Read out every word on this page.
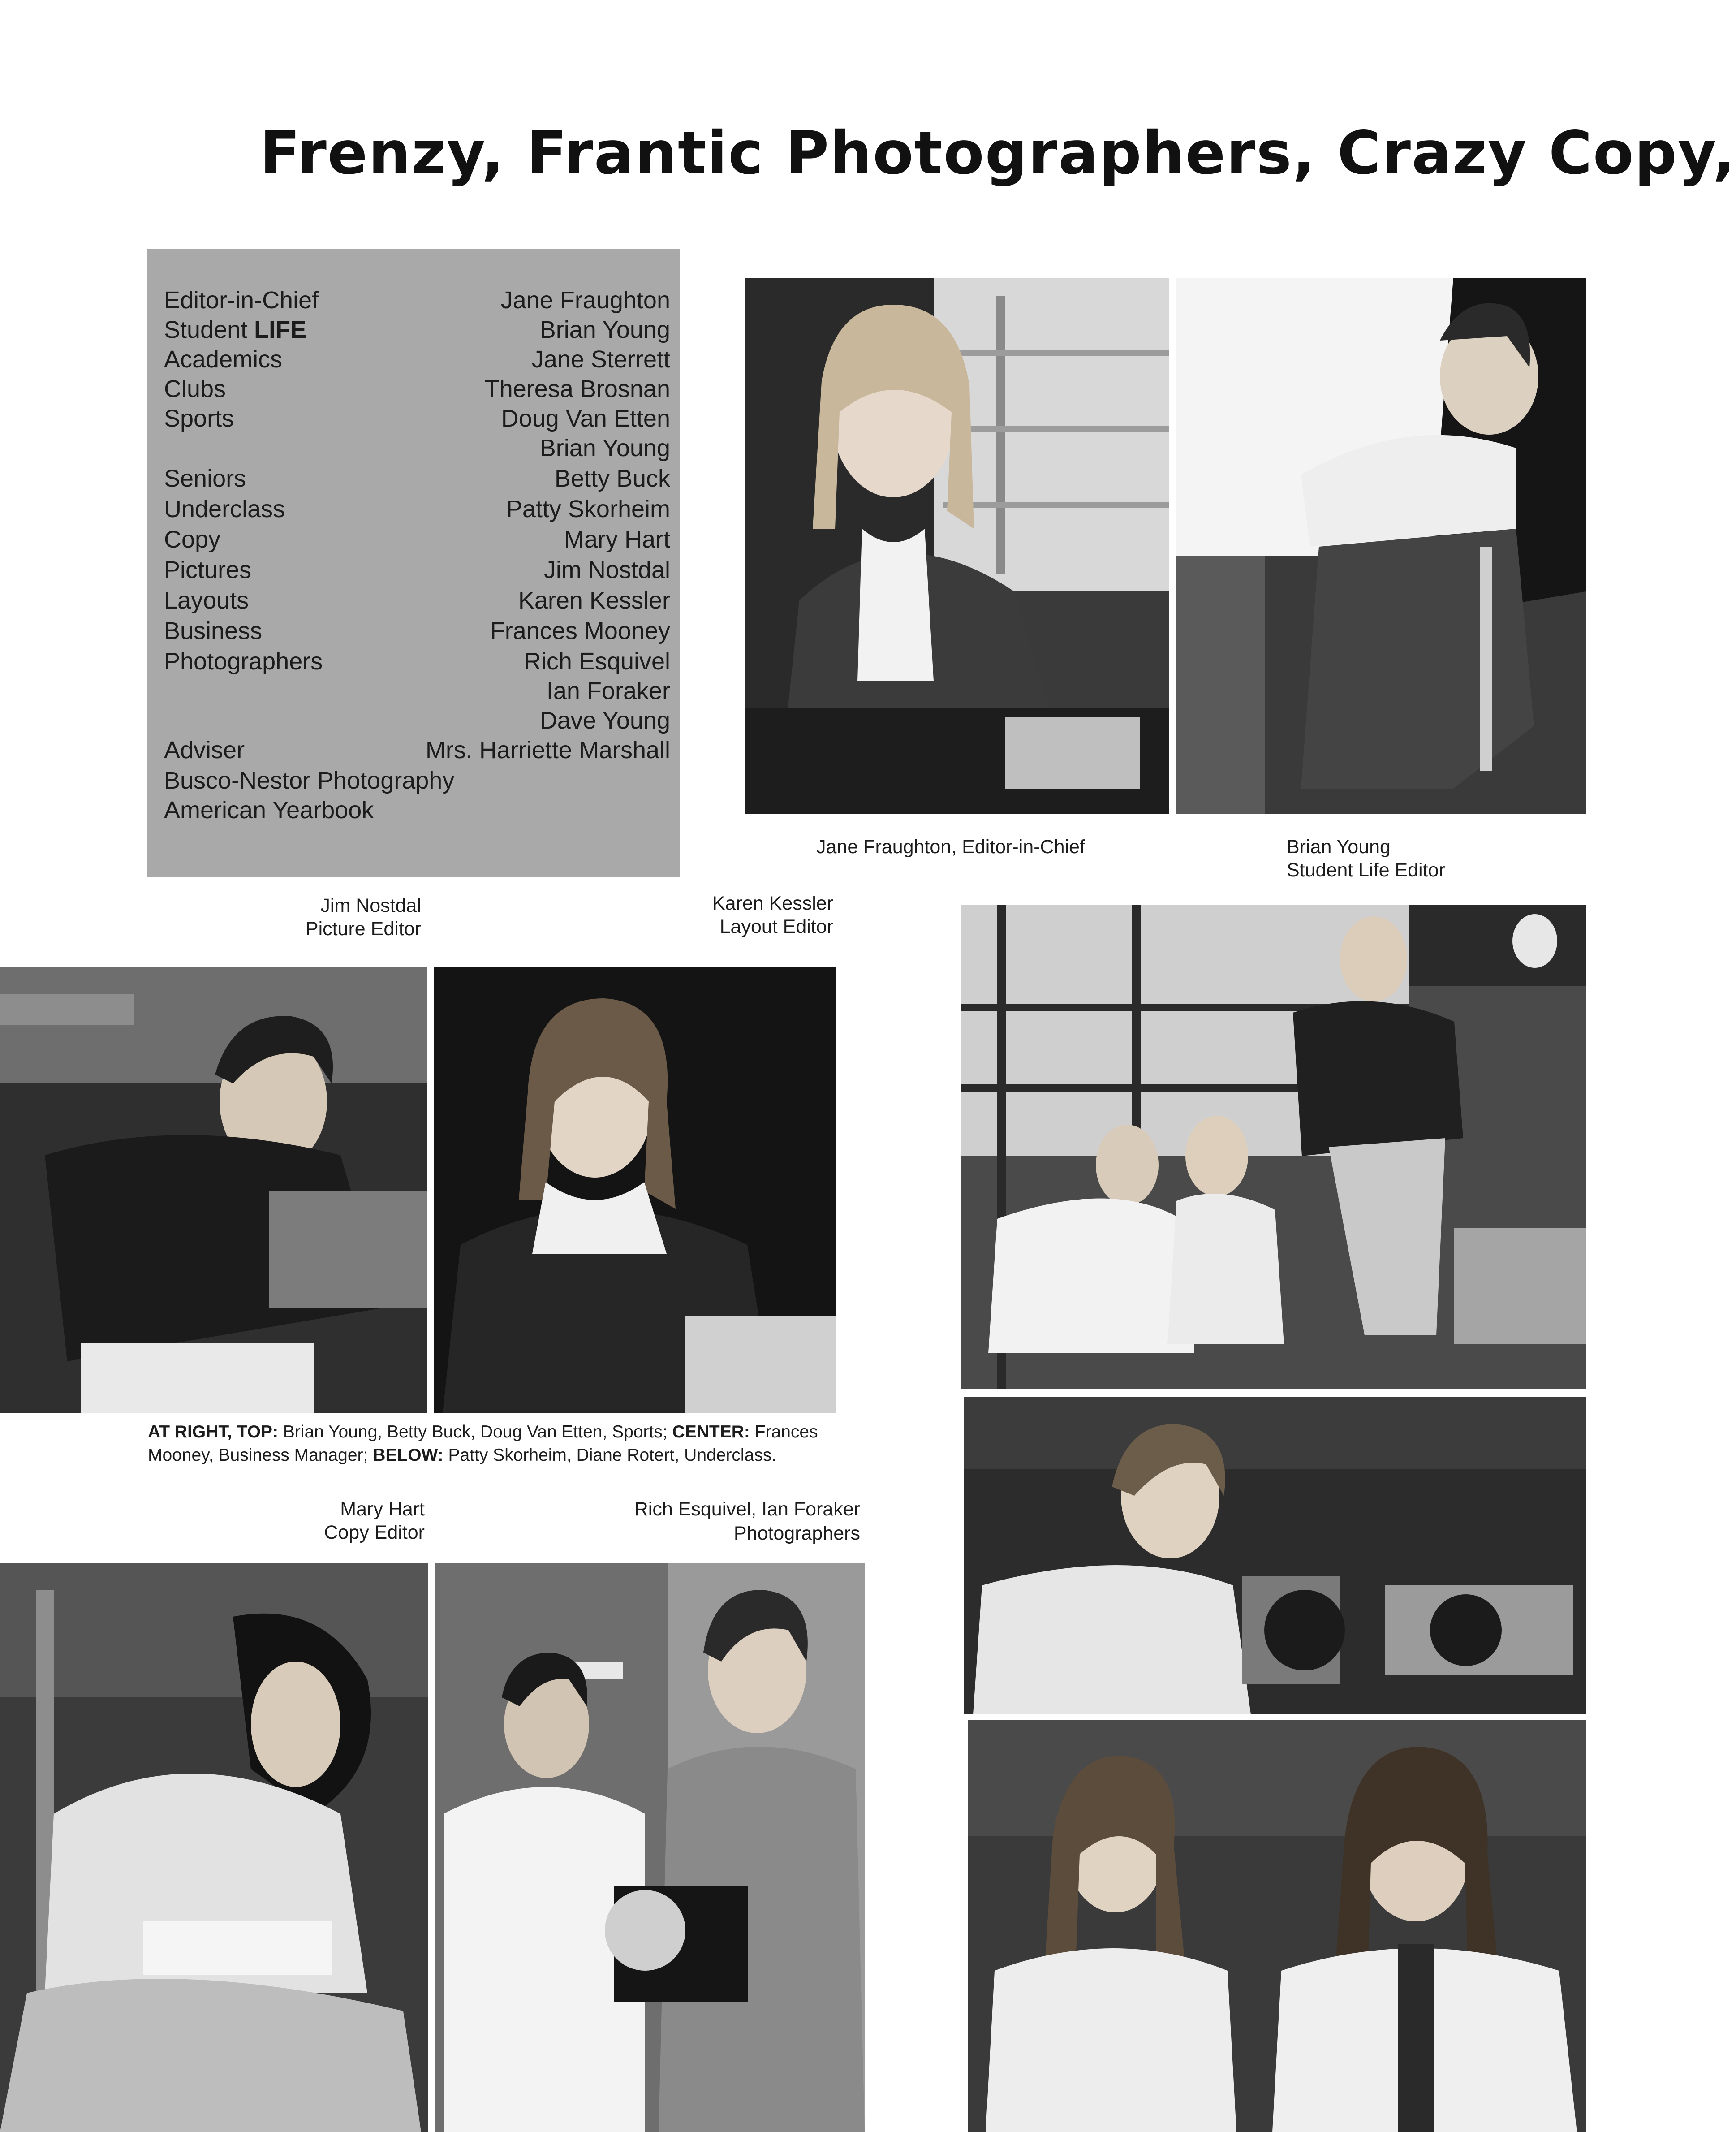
Frenzy, Frantic Photographers, Crazy Copy,
Editor-in-Chief	Jane Fraughton
Student LIFE	Brian Young
Academics	Jane Sterrett
Clubs	Theresa Brosnan
Sports	Doug Van Etten
Brian Young
Seniors	Betty Buck
Underclass	Patty Skorheim
Copy	Mary Hart
Pictures	Jim Nostdal
Layouts	Karen Kessler
Business	Frances Mooney
Photographers	Rich Esquivel
Ian Foraker
Dave Young
Adviser	Mrs. Harriette Marshall
Busco-Nestor Photography
American Yearbook
Jane Fraughton, Editor-in-Chief	Brian Young
Student Life Editor
Jim Nostdal
Picture Editor
Karen Kessler
Layout Editor
AT RIGHT, TOP: Brian Young, Betty Buck, Doug Van Etten, Sports; CENTER: Frances Mooney, Business Manager; BELOW: Patty Skorheim, Diane Rotert, Underclass.
Mary Hart
Copy Editor
Rich Esquivel, Ian Foraker
Photographers
